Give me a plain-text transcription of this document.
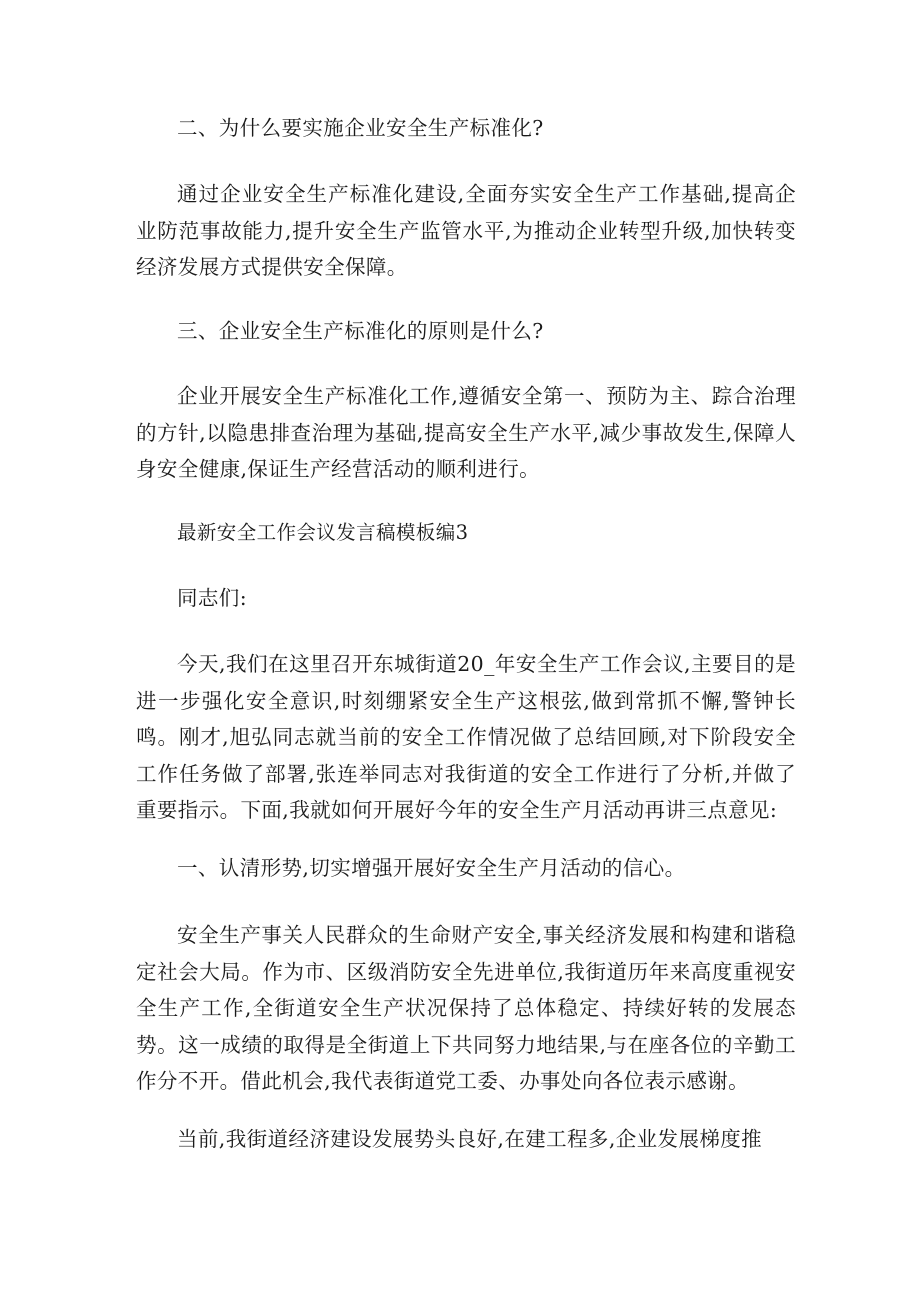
二、为什么要实施企业安全生产标准化?

通过企业安全生产标准化建设,全面夯实安全生产工作基础,提高企业防范事故能力,提升安全生产监管水平,为推动企业转型升级,加快转变经济发展方式提供安全保障。

三、企业安全生产标准化的原则是什么?

企业开展安全生产标准化工作,遵循安全第一、预防为主、踪合治理的方针,以隐患排查治理为基础,提高安全生产水平,减少事故发生,保障人身安全健康,保证生产经营活动的顺利进行。

最新安全工作会议发言稿模板编3

同志们:

今天,我们在这里召开东城街道20_年安全生产工作会议,主要目的是进一步强化安全意识,时刻绷紧安全生产这根弦,做到常抓不懈,警钟长鸣。刚才,旭弘同志就当前的安全工作情况做了总结回顾,对下阶段安全工作任务做了部署,张连举同志对我街道的安全工作进行了分析,并做了重要指示。下面,我就如何开展好今年的安全生产月活动再讲三点意见:

一、认清形势,切实增强开展好安全生产月活动的信心。

安全生产事关人民群众的生命财产安全,事关经济发展和构建和谐稳定社会大局。作为市、区级消防安全先进单位,我街道历年来高度重视安全生产工作,全街道安全生产状况保持了总体稳定、持续好转的发展态势。这一成绩的取得是全街道上下共同努力地结果,与在座各位的辛勤工作分不开。借此机会,我代表街道党工委、办事处向各位表示感谢。

当前,我街道经济建设发展势头良好,在建工程多,企业发展梯度推
